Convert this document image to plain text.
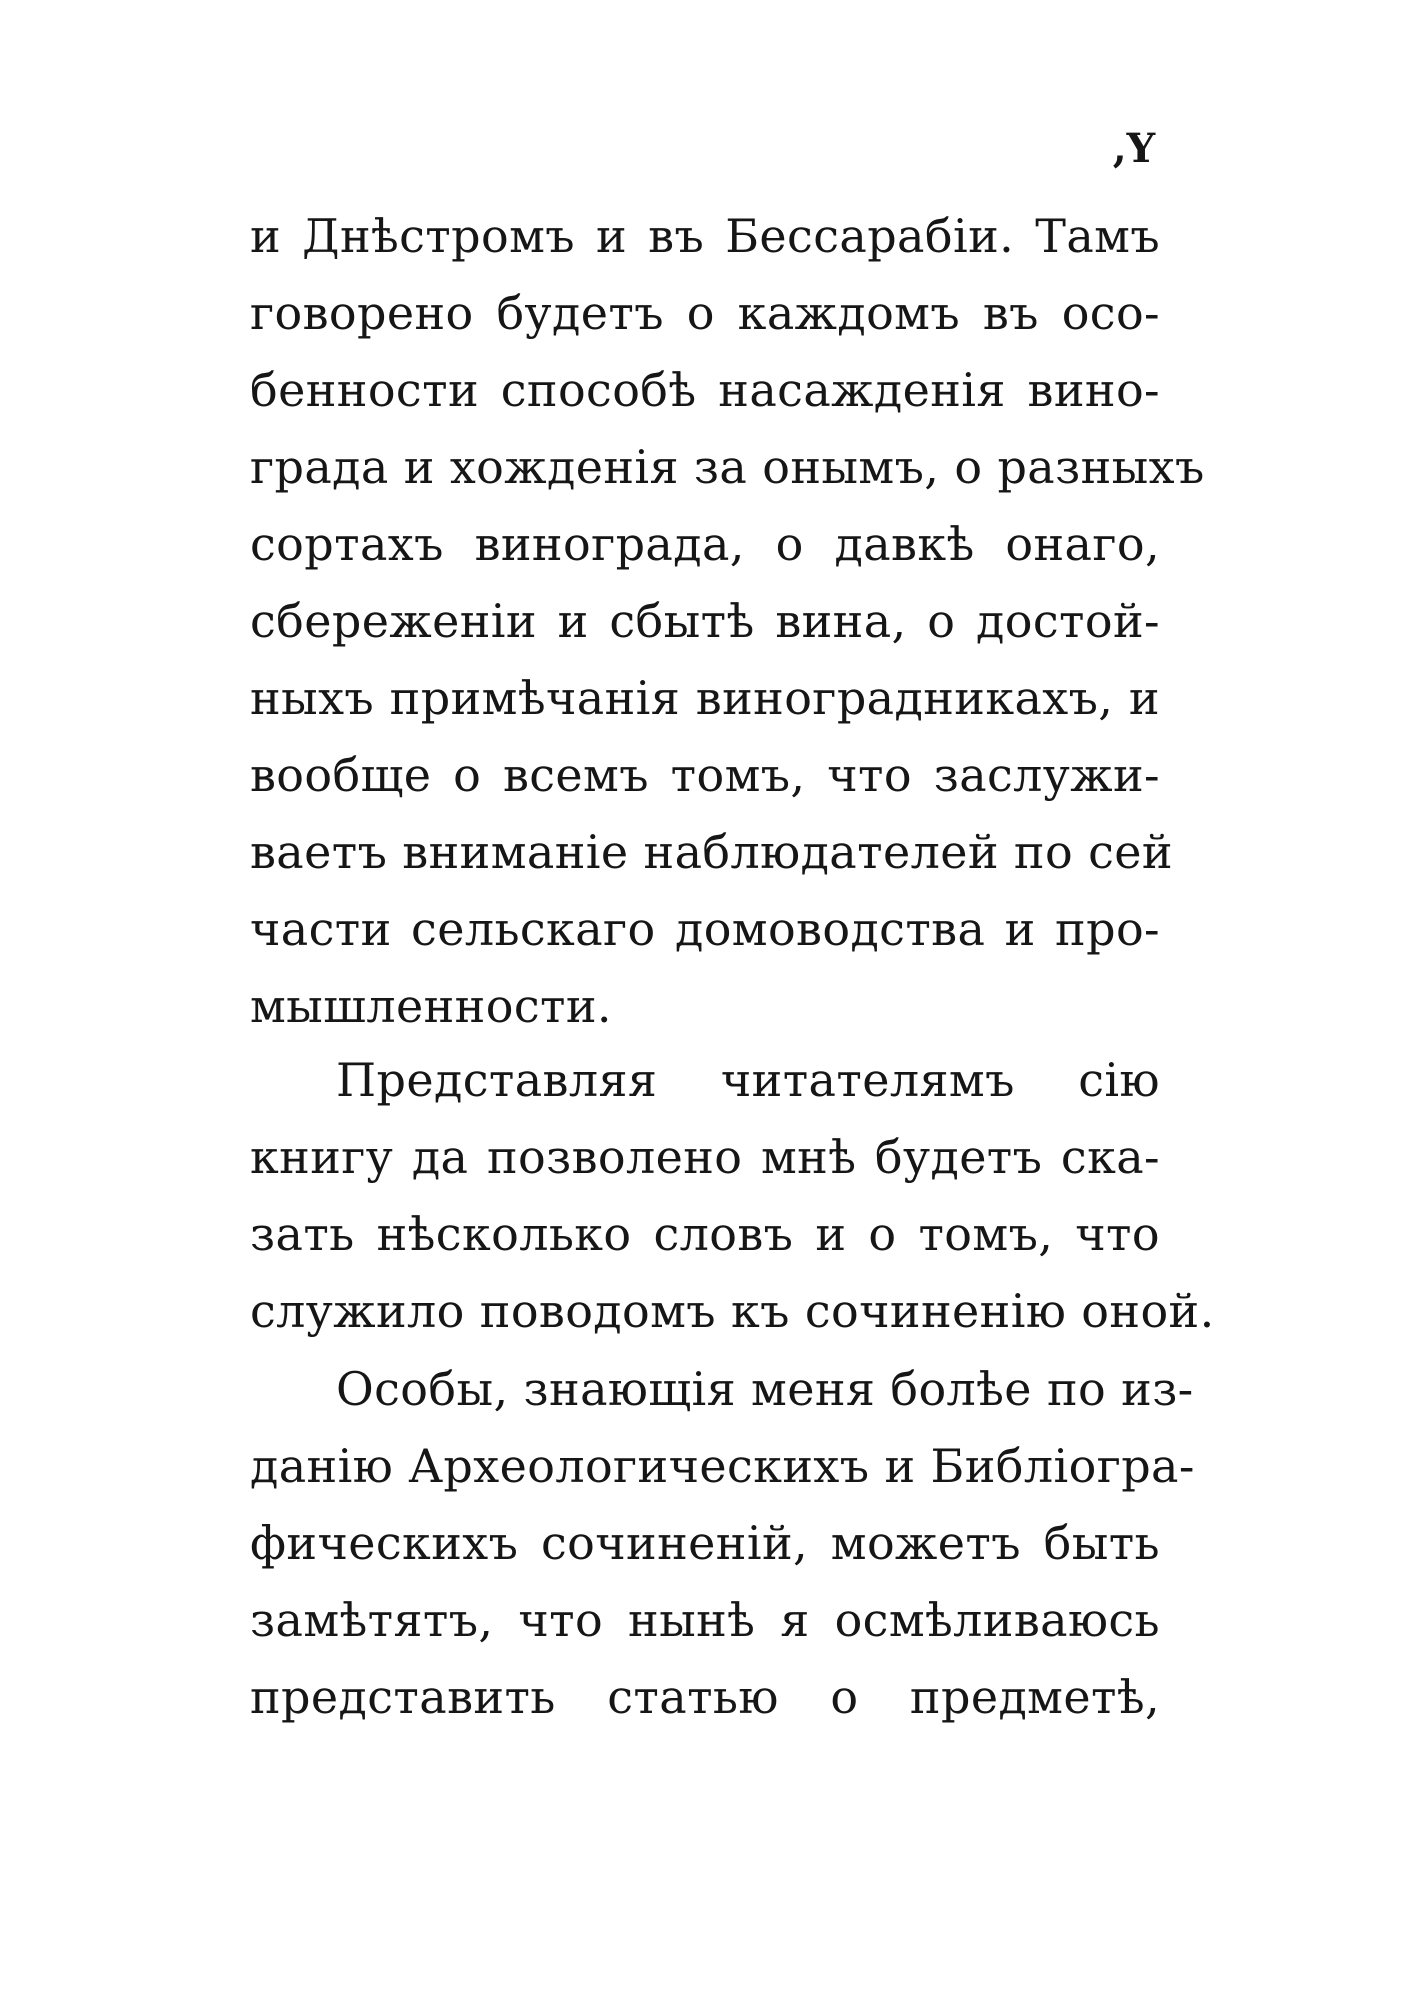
,Y
и Днѣстромъ и въ Бессарабіи. Тамъ
говорено будетъ о каждомъ въ осо-
бенности способѣ насажденія вино-
града и хожденія за онымъ, о разныхъ
сортахъ винограда, о давкѣ онаго,
сбереженіи и сбытѣ вина, о достой-
ныхъ примѣчанія виноградникахъ, и
вообще о всемъ томъ, что заслужи-
ваетъ вниманіе наблюдателей по сей
части сельскаго домоводства и про-
мышленности.
Представляя читателямъ сію
книгу да позволено мнѣ будетъ ска-
зать нѣсколько словъ и о томъ, что
служило поводомъ къ сочиненію оной.
Особы, знающія меня болѣе по из-
данію Археологическихъ и Библіогра-
фическихъ сочиненій, можетъ быть
замѣтятъ, что нынѣ я осмѣливаюсь
представить статью о предметѣ,
